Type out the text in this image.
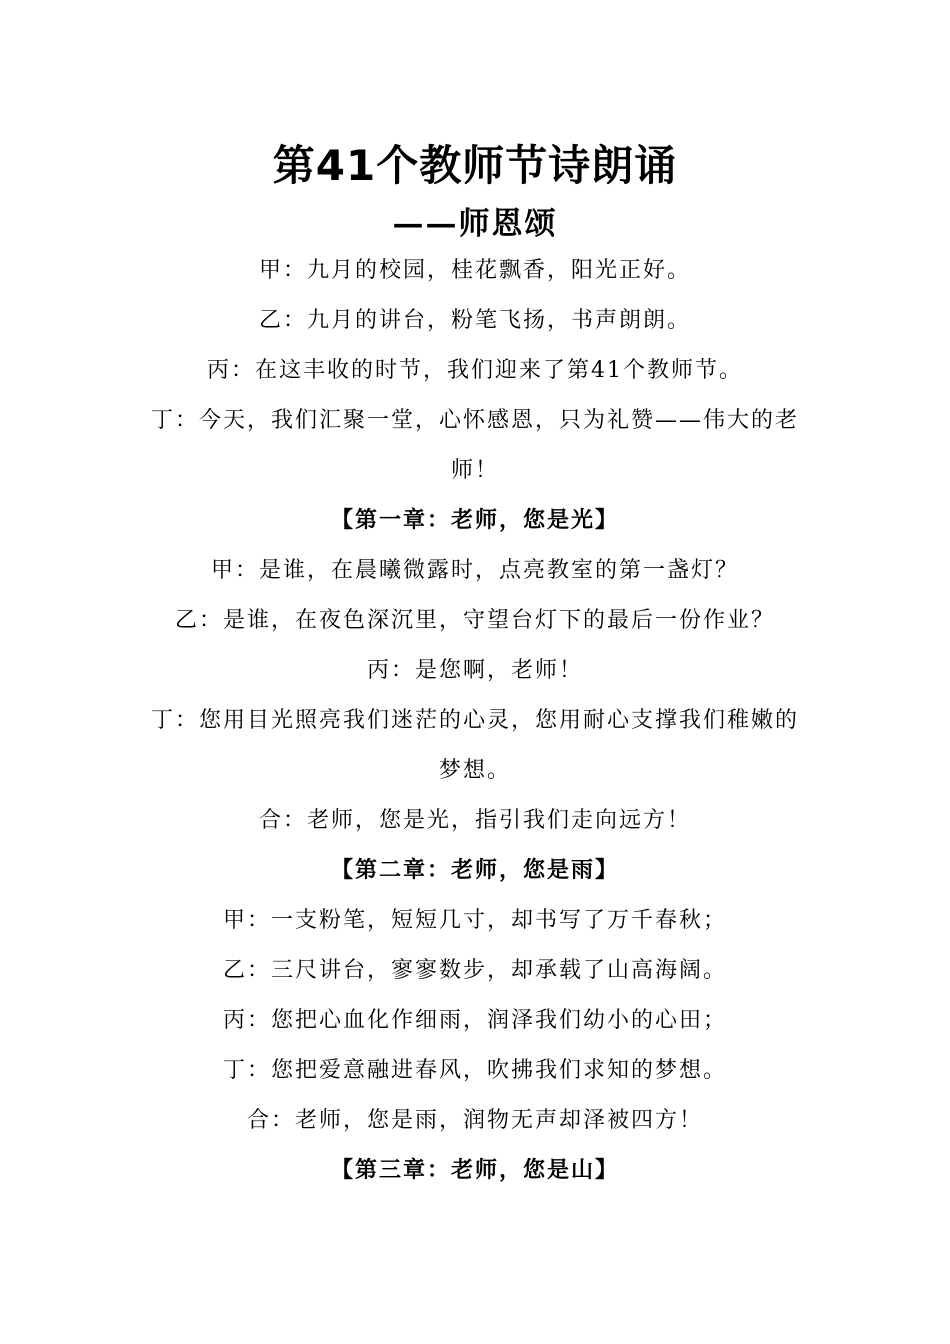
第41个教师节诗朗诵
——师恩颂

甲：九月的校园，桂花飘香，阳光正好。

乙：九月的讲台，粉笔飞扬，书声朗朗。

丙：在这丰收的时节，我们迎来了第41个教师节。

丁：今天，我们汇聚一堂，心怀感恩，只为礼赞——伟大的老师！

【第一章：老师，您是光】

甲：是谁，在晨曦微露时，点亮教室的第一盏灯？

乙：是谁，在夜色深沉里，守望台灯下的最后一份作业？

丙：是您啊，老师！

丁：您用目光照亮我们迷茫的心灵，您用耐心支撑我们稚嫩的梦想。

合：老师，您是光，指引我们走向远方！

【第二章：老师，您是雨】

甲：一支粉笔，短短几寸，却书写了万千春秋；

乙：三尺讲台，寥寥数步，却承载了山高海阔。

丙：您把心血化作细雨，润泽我们幼小的心田；

丁：您把爱意融进春风，吹拂我们求知的梦想。

合：老师，您是雨，润物无声却泽被四方！

【第三章：老师，您是山】
